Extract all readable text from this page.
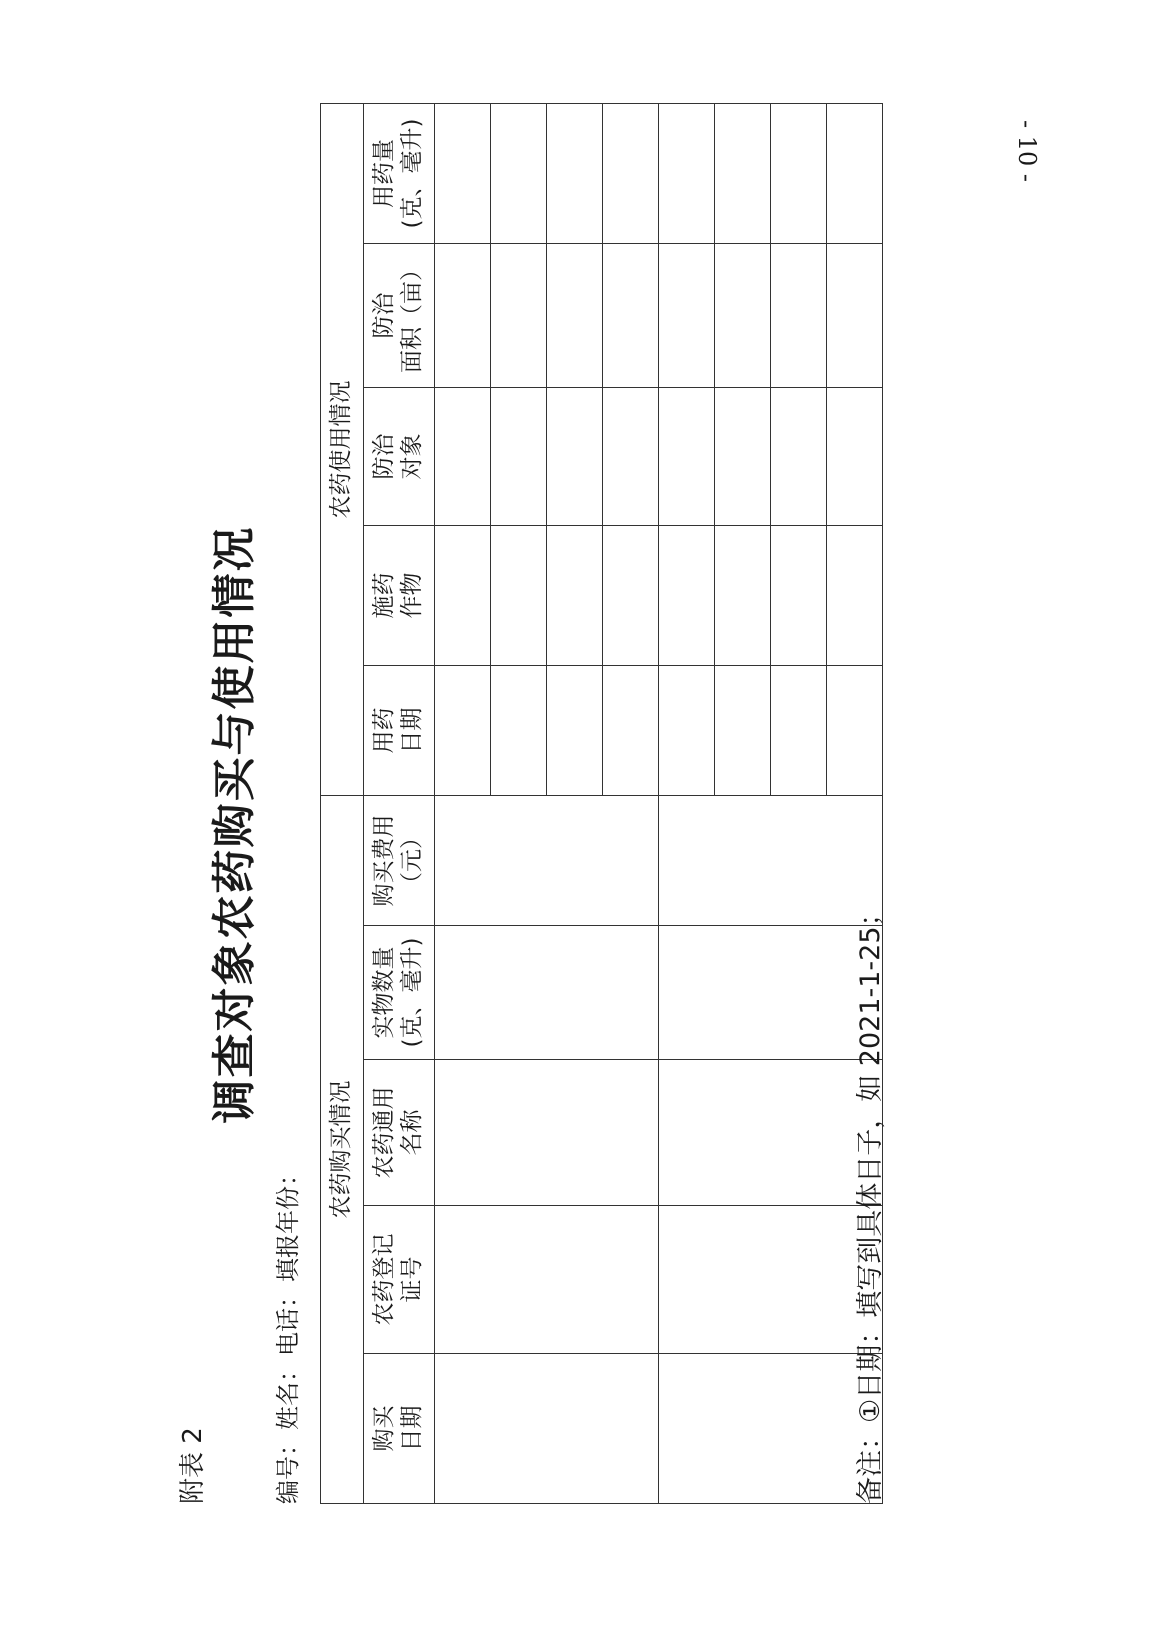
- 10 -
附表 2
调查对象农药购买与使用情况
编号：姓名：电话：填报年份：
农药购买情况					农药使用情况				

购买 日期	农药登记 证号	农药通用 名称	实物数量 (克、毫升)	购买费用 （元）	用药 日期	施药 作物	防治 对象	防治 面积（亩）	用药量 (克、毫升)

备注：①日期：填写到具体日子，如 2021-1-25；
